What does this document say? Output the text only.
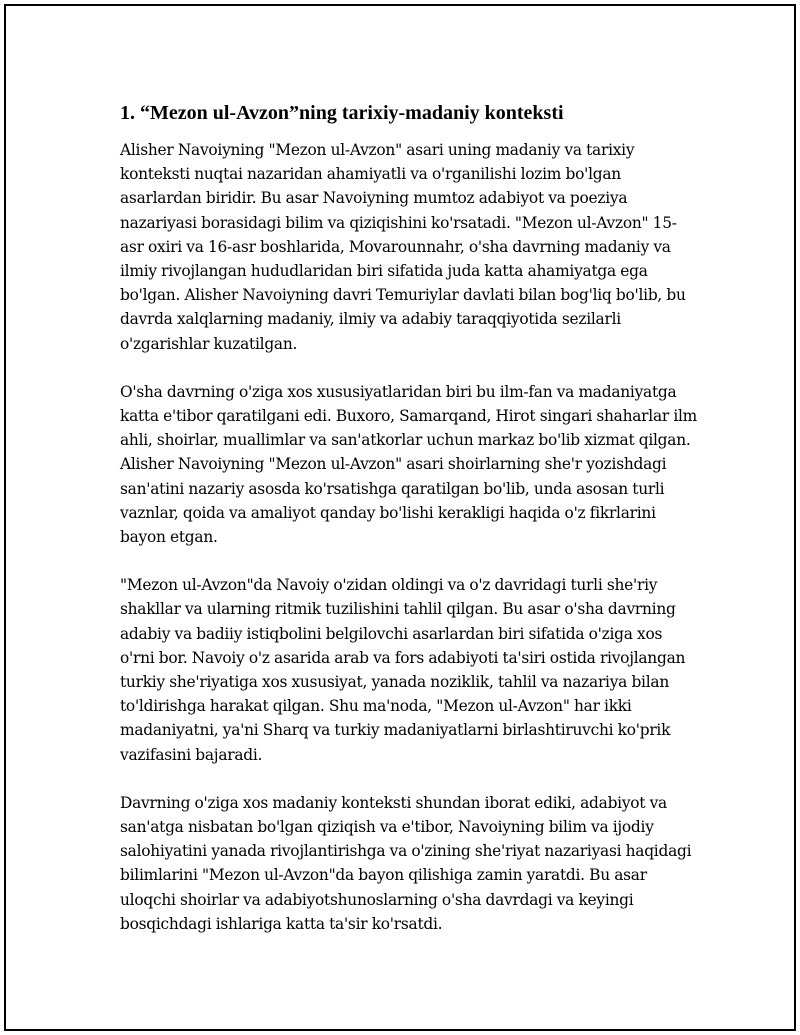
1. “Mezon ul-Avzon”ning tarixiy-madaniy konteksti

Alisher Navoiyning "Mezon ul-Avzon" asari uning madaniy va tarixiy konteksti nuqtai nazaridan ahamiyatli va o'rganilishi lozim bo'lgan asarlardan biridir. Bu asar Navoiyning mumtoz adabiyot va poeziya nazariyasi borasidagi bilim va qiziqishini ko'rsatadi. "Mezon ul-Avzon" 15-asr oxiri va 16-asr boshlarida, Movarounnahr, o'sha davrning madaniy va ilmiy rivojlangan hududlaridan biri sifatida juda katta ahamiyatga ega bo'lgan. Alisher Navoiyning davri Temuriylar davlati bilan bog'liq bo'lib, bu davrda xalqlarning madaniy, ilmiy va adabiy taraqqiyotida sezilarli o'zgarishlar kuzatilgan.

O'sha davrning o'ziga xos xususiyatlaridan biri bu ilm-fan va madaniyatga katta e'tibor qaratilgani edi. Buxoro, Samarqand, Hirot singari shaharlar ilm ahli, shoirlar, muallimlar va san'atkorlar uchun markaz bo'lib xizmat qilgan. Alisher Navoiyning "Mezon ul-Avzon" asari shoirlarning she'r yozishdagi san'atini nazariy asosda ko'rsatishga qaratilgan bo'lib, unda asosan turli vaznlar, qoida va amaliyot qanday bo'lishi kerakligi haqida o'z fikrlarini bayon etgan.

"Mezon ul-Avzon"da Navoiy o'zidan oldingi va o'z davridagi turli she'riy shakllar va ularning ritmik tuzilishini tahlil qilgan. Bu asar o'sha davrning adabiy va badiiy istiqbolini belgilovchi asarlardan biri sifatida o'ziga xos o'rni bor. Navoiy o'z asarida arab va fors adabiyoti ta'siri ostida rivojlangan turkiy she'riyatiga xos xususiyat, yanada noziklik, tahlil va nazariya bilan to'ldirishga harakat qilgan. Shu ma'noda, "Mezon ul-Avzon" har ikki madaniyatni, ya'ni Sharq va turkiy madaniyatlarni birlashtiruvchi ko'prik vazifasini bajaradi.

Davrning o'ziga xos madaniy konteksti shundan iborat ediki, adabiyot va san'atga nisbatan bo'lgan qiziqish va e'tibor, Navoiyning bilim va ijodiy salohiyatini yanada rivojlantirishga va o'zining she'riyat nazariyasi haqidagi bilimlarini "Mezon ul-Avzon"da bayon qilishiga zamin yaratdi. Bu asar uloqchi shoirlar va adabiyotshunoslarning o'sha davrdagi va keyingi bosqichdagi ishlariga katta ta'sir ko'rsatdi.
